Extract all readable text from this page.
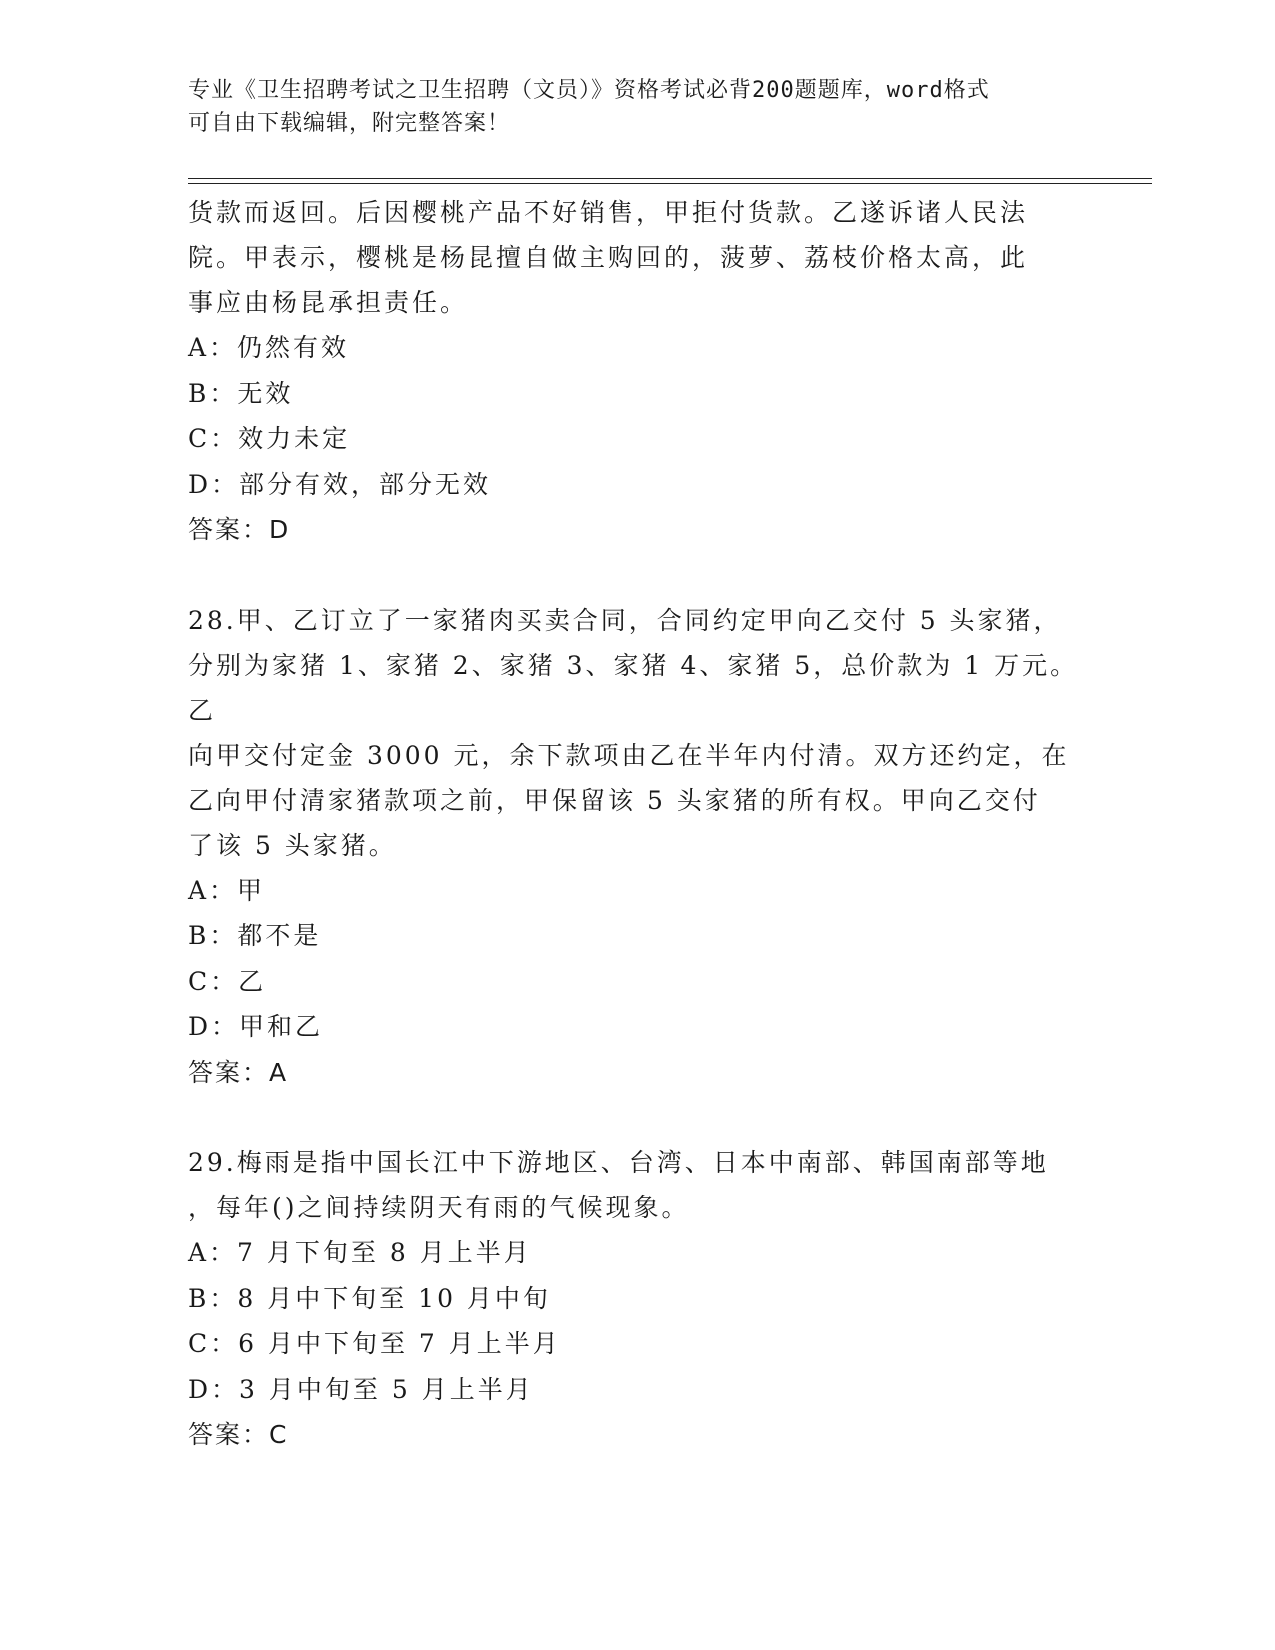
专业《卫生招聘考试之卫生招聘（文员）》资格考试必背200题题库，word格式
可自由下载编辑，附完整答案！

货款而返回。后因樱桃产品不好销售，甲拒付货款。乙遂诉诸人民法

院。甲表示，樱桃是杨昆擅自做主购回的，菠萝、荔枝价格太高，此

事应由杨昆承担责任。

A：仍然有效

B：无效

C：效力未定

D：部分有效，部分无效

答案：D

28.甲、乙订立了一家猪肉买卖合同，合同约定甲向乙交付 5 头家猪，

分别为家猪 1、家猪 2、家猪 3、家猪 4、家猪 5，总价款为 1 万元。乙

向甲交付定金 3000 元，余下款项由乙在半年内付清。双方还约定，在

乙向甲付清家猪款项之前，甲保留该 5 头家猪的所有权。甲向乙交付

了该 5 头家猪。

A：甲

B：都不是

C：乙

D：甲和乙

答案：A

29.梅雨是指中国长江中下游地区、台湾、日本中南部、韩国南部等地

，每年()之间持续阴天有雨的气候现象。

A：7 月下旬至 8 月上半月

B：8 月中下旬至 10 月中旬

C：6 月中下旬至 7 月上半月

D：3 月中旬至 5 月上半月

答案：C
